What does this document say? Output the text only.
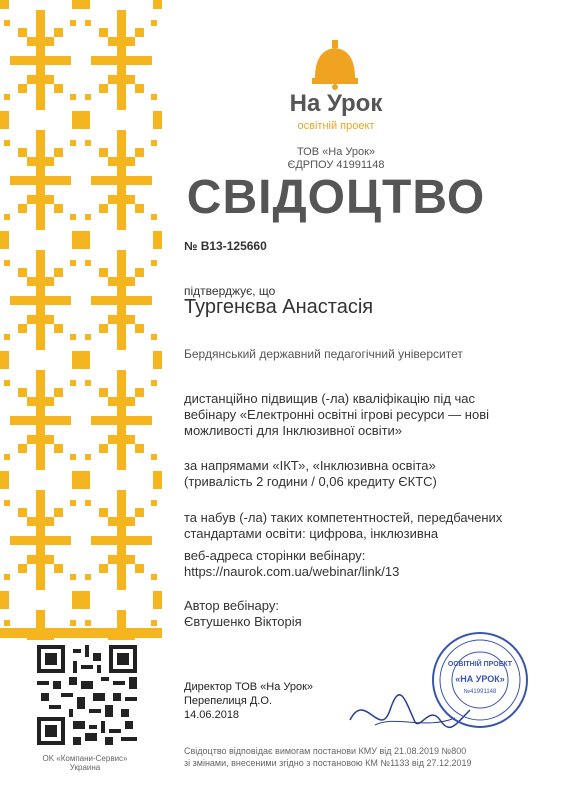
На Урок
освітній проект
ТОВ «На Урок»
ЄДРПОУ 41991148
СВІДОЦТВО
№ В13-125660
підтверджує, що
Тургенєва Анастасія
Бердянський державний педагогічний університет
дистанційно підвищив (-ла) кваліфікацію під час
вебінару «Електронні освітні ігрові ресурси — нові
можливості для Інклюзивної освіти»
за напрямами «ІКТ», «Інклюзивна освіта»
(тривалість 2 години / 0,06 кредиту ЄКТС)
та набув (-ла) таких компетентностей, передбачених
стандартами освіти: цифрова, інклюзивна
веб-адреса сторінки вебінару:
https://naurok.com.ua/webinar/link/13
Автор вебінару:
Євтушенко Вікторія
Директор ТОВ «На Урок»
Перепелиця Д.О.
14.06.2018
Свідоцтво відповідає вимогам постанови КМУ від 21.08.2019 №800
зі змінами, внесеними згідно з постановою КМ №1133 від 27.12.2019
OK «Компани-Сервис» Украина
ОСВІТНІЙ ПРОЕКТ
«НА УРОК»
№41991148
